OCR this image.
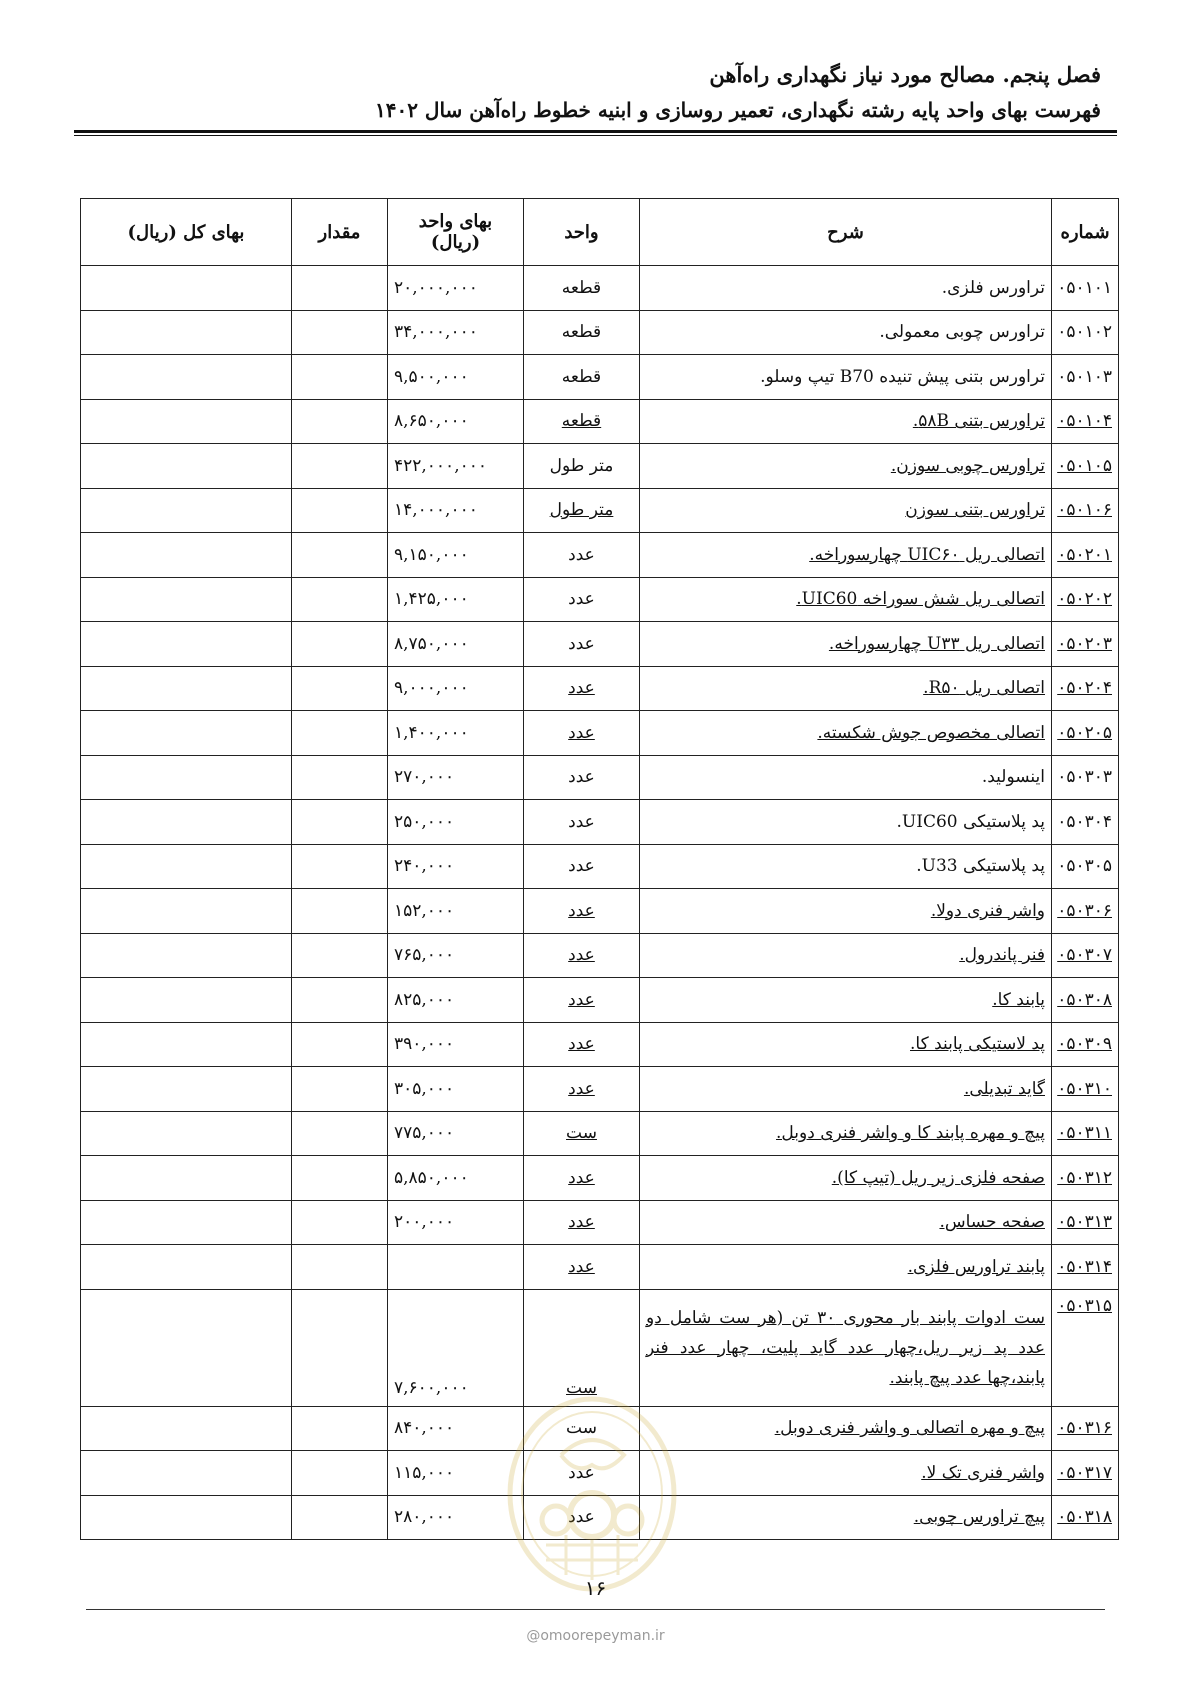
فصل پنجم. مصالح مورد نیاز نگهداری راه‌آهن
فهرست بهای واحد پایه رشته نگهداری، تعمیر روسازی و ابنیه خطوط راه‌آهن سال ۱۴۰۲
شماره	شرح	واحد	بهای واحد (ریال)	مقدار	بهای کل (ریال)
۰۵۰۱۰۱	تراورس فلزی.	قطعه	۲۰,۰۰۰,۰۰۰		
۰۵۰۱۰۲	تراورس چوبی معمولی.	قطعه	۳۴,۰۰۰,۰۰۰		
۰۵۰۱۰۳	تراورس بتنی پیش تنیده B70 تیپ وسلو.	قطعه	۹,۵۰۰,۰۰۰		
۰۵۰۱۰۴	تراورس بتنی ۵۸B.	قطعه	۸,۶۵۰,۰۰۰		
۰۵۰۱۰۵	تراورس چوبی سوزن.	متر طول	۴۲۲,۰۰۰,۰۰۰		
۰۵۰۱۰۶	تراورس بتنی سوزن	متر طول	۱۴,۰۰۰,۰۰۰		
۰۵۰۲۰۱	اتصالی ریل UIC۶۰ چهارسوراخه.	عدد	۹,۱۵۰,۰۰۰		
۰۵۰۲۰۲	اتصالی ریل شش سوراخه UIC60.	عدد	۱,۴۲۵,۰۰۰		
۰۵۰۲۰۳	اتصالی ریل U۳۳ چهارسوراخه.	عدد	۸,۷۵۰,۰۰۰		
۰۵۰۲۰۴	اتصالی ریل R۵۰.	عدد	۹,۰۰۰,۰۰۰		
۰۵۰۲۰۵	اتصالی مخصوص جوش شکسته.	عدد	۱,۴۰۰,۰۰۰		
۰۵۰۳۰۳	اینسولید.	عدد	۲۷۰,۰۰۰		
۰۵۰۳۰۴	پد پلاستیکی UIC60.	عدد	۲۵۰,۰۰۰		
۰۵۰۳۰۵	پد پلاستیکی U33.	عدد	۲۴۰,۰۰۰		
۰۵۰۳۰۶	واشر فنری دولا.	عدد	۱۵۲,۰۰۰		
۰۵۰۳۰۷	فنر پاندرول.	عدد	۷۶۵,۰۰۰		
۰۵۰۳۰۸	پابند کا.	عدد	۸۲۵,۰۰۰		
۰۵۰۳۰۹	پد لاستیکی پابند کا.	عدد	۳۹۰,۰۰۰		
۰۵۰۳۱۰	گاید تبدیلی.	عدد	۳۰۵,۰۰۰		
۰۵۰۳۱۱	پیچ و مهره پابند کا و واشر فنری دوبل.	ست	۷۷۵,۰۰۰		
۰۵۰۳۱۲	صفحه فلزی زیر ریل (تیپ کا).	عدد	۵,۸۵۰,۰۰۰		
۰۵۰۳۱۳	صفحه حساس.	عدد	۲۰۰,۰۰۰		
۰۵۰۳۱۴	پابند تراورس فلزی.	عدد			
۰۵۰۳۱۵	ست ادوات پابند بار محوری ۳۰ تن (هر ست شامل دو عدد پد زیر ریل،چهار عدد گاید پلیت، چهار عدد فنر پابند،چها عدد پیچ پابند.	ست	۷,۶۰۰,۰۰۰		
۰۵۰۳۱۶	پیچ و مهره اتصالی و واشر فنری دوبل.	ست	۸۴۰,۰۰۰		
۰۵۰۳۱۷	واشر فنری تک لا.	عدد	۱۱۵,۰۰۰		
۰۵۰۳۱۸	پیچ تراورس چوبی.	عدد	۲۸۰,۰۰۰		
۱۶
@omoorepeyman.ir
